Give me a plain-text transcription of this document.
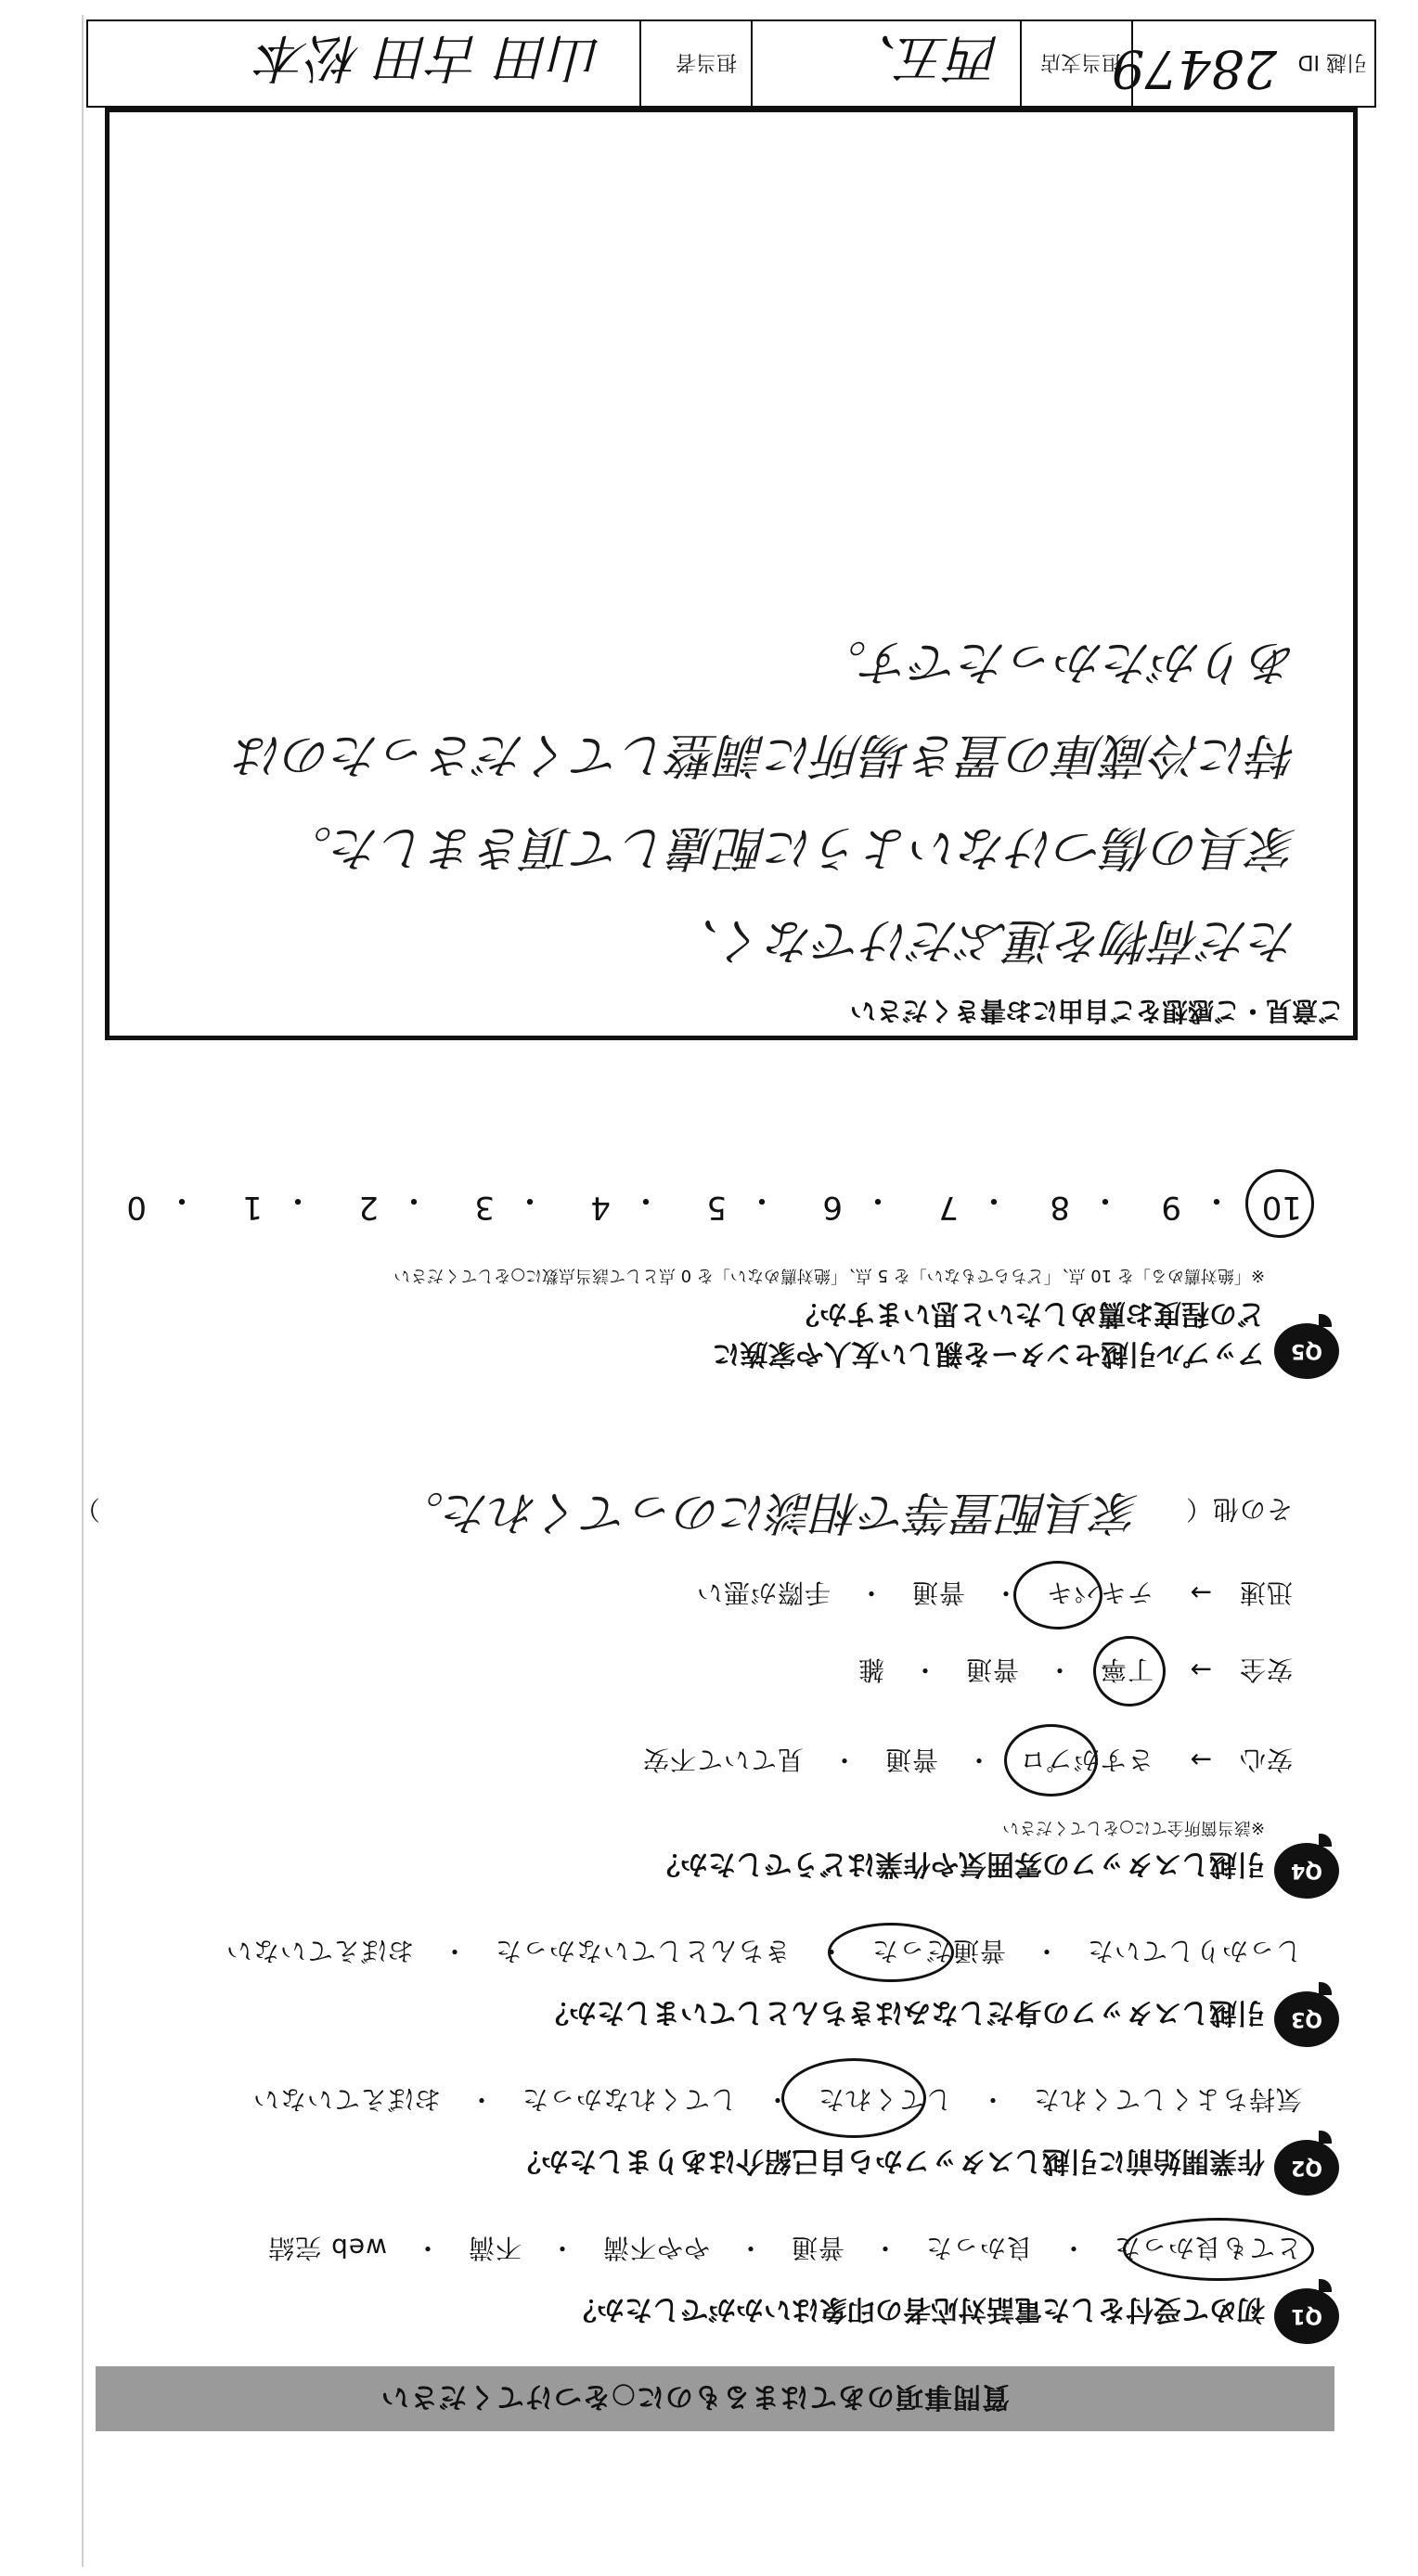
質問事項のあてはまるものに○をつけてください
Q1
初めて受付をした電話対応者の印象はいかがでしたか？
とても良かった　・　良かった　・　普通　・　やや不満　・　不満　・　web 完結
Q2
作業開始前に引越しスタッフから自己紹介はありましたか？
気持ちよくしてくれた　・　してくれた　・　してくれなかった　・　おぼえていない
Q3
引越しスタッフの身だしなみはきちんとしていましたか？
しっかりしていた　・　普通だった　・　きちんとしていなかった　・　おぼえていない
Q4
引越しスタッフの雰囲気や作業はどうでしたか？
※該当箇所全てに○をしてください
安心　→
さすがプロ　・　普通　・　見ていて不安
安全　→
丁寧　・　普通　・　雑
迅速　→
テキパキ　・　普通　・　手際が悪い
その他（
家具配置等で相談にのってくれた。
）
Q5
アップル引越センターを親しい友人や家族に
どの程度お薦めしたいと思いますか？
※「絶対薦める」を 10 点、「どちらでもない」を 5 点、「絶対薦めない」を 0 点として該当点数に○をしてください
10
9
8
7
6
5
4
3
2
1
0	・
・
・
・
・
・
・
・
・
・
ご意見・ご感想をご自由にお書きください
ただ荷物を運ぶだけでなく、
家具の傷つけないように配慮して頂きました。
特に冷蔵庫の置き場所に調整してくださったのは
ありがたかったです。
引越 ID
28479
担当支店
西五、
担当者
山田 古田 松本
